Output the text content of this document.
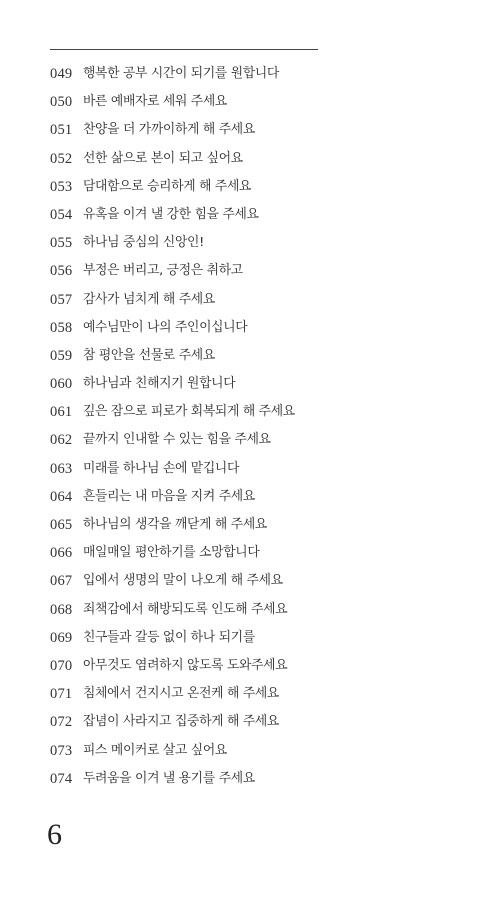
049 행복한 공부 시간이 되기를 원합니다
050 바른 예배자로 세워 주세요
051 찬양을 더 가까이하게 해 주세요
052 선한 삶으로 본이 되고 싶어요
053 담대함으로 승리하게 해 주세요
054 유혹을 이겨 낼 강한 힘을 주세요
055 하나님 중심의 신앙인!
056 부정은 버리고, 긍정은 취하고
057 감사가 넘치게 해 주세요
058 예수님만이 나의 주인이십니다
059 참 평안을 선물로 주세요
060 하나님과 친해지기 원합니다
061 깊은 잠으로 피로가 회복되게 해 주세요
062 끝까지 인내할 수 있는 힘을 주세요
063 미래를 하나님 손에 맡깁니다
064 흔들리는 내 마음을 지켜 주세요
065 하나님의 생각을 깨닫게 해 주세요
066 매일매일 평안하기를 소망합니다
067 입에서 생명의 말이 나오게 해 주세요
068 죄책감에서 해방되도록 인도해 주세요
069 친구들과 갈등 없이 하나 되기를
070 아무것도 염려하지 않도록 도와주세요
071 침체에서 건지시고 온전케 해 주세요
072 잡념이 사라지고 집중하게 해 주세요
073 피스 메이커로 살고 싶어요
074 두려움을 이겨 낼 용기를 주세요
6
